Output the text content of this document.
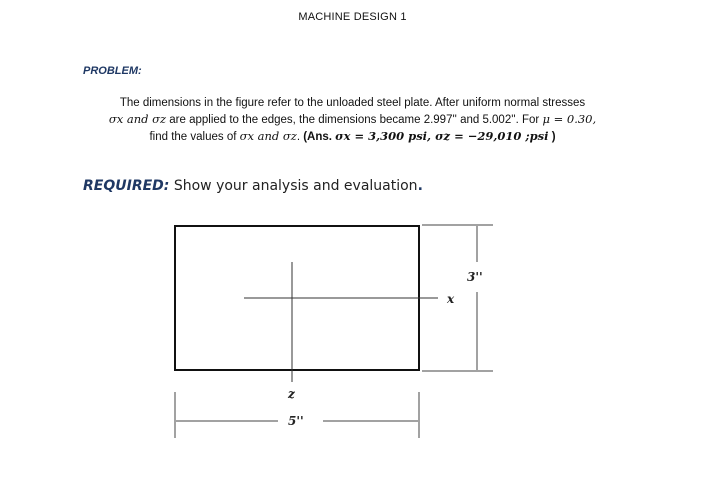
MACHINE DESIGN 1
PROBLEM:
The dimensions in the figure refer to the unloaded steel plate. After uniform normal stresses
σx and σz are applied to the edges, the dimensions became 2.997'' and 5.002''. For μ = 0.30,
find the values of σx and σz. (Ans. σx = 3,300 psi, σz = −29,010 ;psi )
REQUIRED: Show your analysis and evaluation.
x
z
3''
5''
